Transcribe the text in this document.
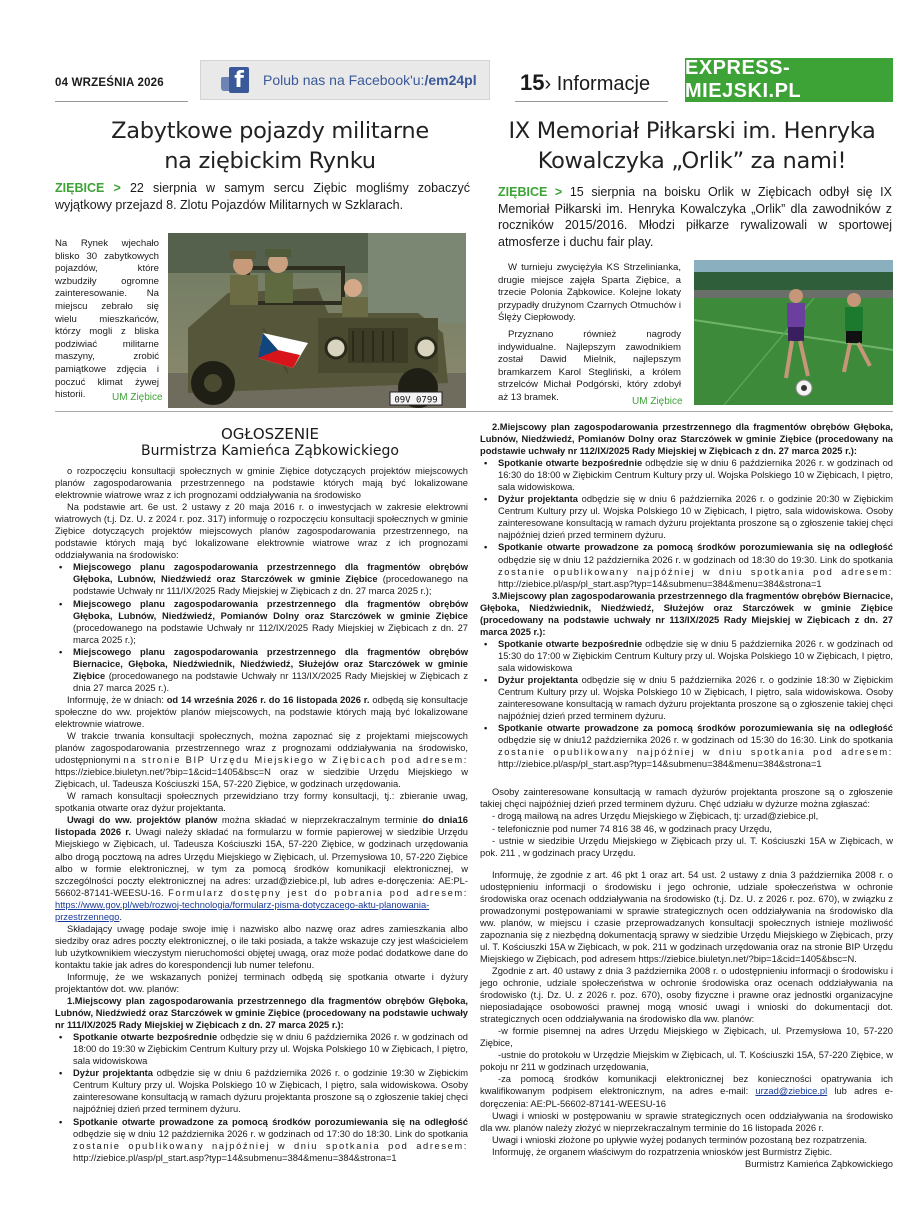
04 WRZEŚNIA 2026	f	Polub nas na Facebook'u: /em24pl 15› Informacje
EXPRESS-MIEJSKI.PL
Zabytkowe pojazdy militarne
na ziębickim Rynku
ZIĘBICE > 22 sierpnia w samym sercu Ziębic mogliśmy zobaczyć wyjątkowy przejazd 8. Zlotu Pojazdów Militarnych w Szklarach.
Na Rynek wjechało blisko 30 zabytkowych pojazdów, które wzbudziły ogromne zainteresowanie. Na miejscu zebrało się wielu mieszkańców, którzy mogli z bliska podziwiać militarne maszyny, zrobić pamiątkowe zdjęcia i poczuć klimat żywej historii.	UM Ziębice	09V 0799
IX Memoriał Piłkarski im. Henryka
Kowalczyka „Orlik” za nami!
ZIĘBICE > 15 sierpnia na boisku Orlik w Ziębicach odbył się IX Memoriał Piłkarski im. Henryka Kowalczyka „Orlik” dla zawodników z roczników 2015/2016. Młodzi piłkarze rywalizowali w sportowej atmosferze i duchu fair play.
W turnieju zwyciężyła KS Strzelinianka, drugie miejsce zajęła Sparta Ziębice, a trzecie Polonia Ząbkowice. Kolejne lokaty przypadły drużynom Czarnych Otmuchów i Ślęży Ciepłowody.
Przyznano również nagrody indywidualne. Najlepszym zawodnikiem został Dawid Mielnik, najlepszym bramkarzem Karol Stegliński, a królem strzelców Michał Podgórski, który zdobył aż 13 bramek.	UM Ziębice
OGŁOSZENIE
Burmistrza Kamieńca Ząbkowickiego

o rozpoczęciu konsultacji społecznych w gminie Ziębice dotyczących projektów miejscowych planów zagospodarowania przestrzennego na podstawie których mają być lokalizowane elektrownie wiatrowe wraz z ich prognozami oddziaływania na środowisko

Na podstawie art. 6e ust. 2 ustawy z 20 maja 2016 r. o inwestycjach w zakresie elektrowni wiatrowych (t.j. Dz. U. z 2024 r. poz. 317) informuję o rozpoczęciu konsultacji społecznych w gminie Ziębice dotyczących projektów miejscowych planów zagospodarowania przestrzennego, na podstawie których mają być lokalizowane elektrownie wiatrowe wraz z ich prognozami oddziaływania na środowisko:

• Miejscowego planu zagospodarowania przestrzennego dla fragmentów obrębów Głęboka, Lubnów, Niedźwiedź oraz Starczówek w gminie Ziębice (procedowanego na podstawie Uchwały nr 111/IX/2025 Rady Miejskiej w Ziębicach z dn. 27 marca 2025 r.);
• Miejscowego planu zagospodarowania przestrzennego dla fragmentów obrębów Głęboka, Lubnów, Niedźwiedź, Pomianów Dolny oraz Starczówek w gminie Ziębice (procedowanego na podstawie Uchwały nr 112/IX/2025 Rady Miejskiej w Ziębicach z dn. 27 marca 2025 r.);
• Miejscowego planu zagospodarowania przestrzennego dla fragmentów obrębów Biernacice, Głęboka, Niedźwiednik, Niedźwiedź, Służejów oraz Starczówek w gminie Ziębice (procedowanego na podstawie Uchwały nr 113/IX/2025 Rady Miejskiej w Ziębicach z dnia 27 marca 2025 r.).

Informuję, że w dniach: od 14 września 2026 r. do 16 listopada 2026 r. odbędą się konsultacje społeczne do ww. projektów planów miejscowych, na podstawie których mają być lokalizowane elektrownie wiatrowe.

W trakcie trwania konsultacji społecznych, można zapoznać się z projektami miejscowych planów zagospodarowania przestrzennego wraz z prognozami oddziaływania na środowisko, udostępnionymi na stronie BIP Urzędu Miejskiego w Ziębicach pod adresem: https://ziebice.biuletyn.net/?bip=1&cid=1405&bsc=N oraz w siedzibie Urzędu Miejskiego w Ziębicach, ul. Tadeusza Kościuszki 15A, 57-220 Ziębice, w godzinach urzędowania.

W ramach konsultacji społecznych przewidziano trzy formy konsultacji, tj.: zbieranie uwag, spotkania otwarte oraz dyżur projektanta.

Uwagi do ww. projektów planów można składać w nieprzekraczalnym terminie do dnia16 listopada 2026 r. Uwagi należy składać na formularzu w formie papierowej w siedzibie Urzędu Miejskiego w Ziębicach, ul. Tadeusza Kościuszki 15A, 57-220 Ziębice, w godzinach urzędowania albo drogą pocztową na adres Urzędu Miejskiego w Ziębicach, ul. Przemysłowa 10, 57-220 Ziębice albo w formie elektronicznej, w tym za pomocą środków komunikacji elektronicznej, w szczególności poczty elektronicznej na adres: urzad@ziebice.pl, lub adres e-doręczenia: AE:PL-56602-87141-WEESU-16. Formularz dostępny jest do pobrania pod adresem: https://www.gov.pl/web/rozwoj-technologia/formularz-pisma-dotyczacego-aktu-planowania-przestrzennego.

Składający uwagę podaje swoje imię i nazwisko albo nazwę oraz adres zamieszkania albo siedziby oraz adres poczty elektronicznej, o ile taki posiada, a także wskazuje czy jest właścicielem lub użytkownikiem wieczystym nieruchomości objętej uwagą, oraz może podać dodatkowe dane do kontaktu takie jak adres do korespondencji lub numer telefonu.

Informuję, że we wskazanych poniżej terminach odbędą się spotkania otwarte i dyżury projektantów dot. ww. planów:

1.Miejscowy plan zagospodarowania przestrzennego dla fragmentów obrębów Głęboka, Lubnów, Niedźwiedź oraz Starczówek w gminie Ziębice (procedowany na podstawie uchwały nr 111/IX/2025 Rady Miejskiej w Ziębicach z dn. 27 marca 2025 r.):

• Spotkanie otwarte bezpośrednie odbędzie się w dniu 6 października 2026 r. w godzinach od 18:00 do 19:30 w Ziębickim Centrum Kultury przy ul. Wojska Polskiego 10 w Ziębicach, I piętro, sala widowiskowa
• Dyżur projektanta odbędzie się w dniu 6 października 2026 r. o godzinie 19:30 w Ziębickim Centrum Kultury przy ul. Wojska Polskiego 10 w Ziębicach, I piętro, sala widowiskowa. Osoby zainteresowane konsultacją w ramach dyżuru projektanta proszone są o zgłoszenie takiej chęci najpóźniej dzień przed terminem dyżuru.
• Spotkanie otwarte prowadzone za pomocą środków porozumiewania się na odległość odbędzie się w dniu 12 października 2026 r. w godzinach od 17:30 do 18:30. Link do spotkania zostanie opublikowany najpóźniej w dniu spotkania pod adresem: http://ziebice.pl/asp/pl_start.asp?typ=14&submenu=384&menu=384&strona=1

2.Miejscowy plan zagospodarowania przestrzennego dla fragmentów obrębów Głęboka, Lubnów, Niedźwiedź, Pomianów Dolny oraz Starczówek w gminie Ziębice (procedowany na podstawie uchwały nr 112/IX/2025 Rady Miejskiej w Ziębicach z dn. 27 marca 2025 r.):

• Spotkanie otwarte bezpośrednie odbędzie się w dniu 6 października 2026 r. w godzinach od 16:30 do 18:00 w Ziębickim Centrum Kultury przy ul. Wojska Polskiego 10 w Ziębicach, I piętro, sala widowiskowa.
• Dyżur projektanta odbędzie się w dniu 6 października 2026 r. o godzinie 20:30 w Ziębickim Centrum Kultury przy ul. Wojska Polskiego 10 w Ziębicach, I piętro, sala widowiskowa. Osoby zainteresowane konsultacją w ramach dyżuru projektanta proszone są o zgłoszenie takiej chęci najpóźniej dzień przed terminem dyżuru.
• Spotkanie otwarte prowadzone za pomocą środków porozumiewania się na odległość odbędzie się w dniu 12 października 2026 r. w godzinach od 18:30 do 19:30. Link do spotkania zostanie opublikowany najpóźniej w dniu spotkania pod adresem: http://ziebice.pl/asp/pl_start.asp?typ=14&submenu=384&menu=384&strona=1

3.Miejscowy plan zagospodarowania przestrzennego dla fragmentów obrębów Biernacice, Głęboka, Niedźwiednik, Niedźwiedź, Służejów oraz Starczówek w gminie Ziębice (procedowany na podstawie uchwały nr 113/IX/2025 Rady Miejskiej w Ziębicach z dn. 27 marca 2025 r.):

• Spotkanie otwarte bezpośrednie odbędzie się w dniu 5 października 2026 r. w godzinach od 15:30 do 17:00 w Ziębickim Centrum Kultury przy ul. Wojska Polskiego 10 w Ziębicach, I piętro, sala widowiskowa
• Dyżur projektanta odbędzie się w dniu 5 października 2026 r. o godzinie 18:30 w Ziębickim Centrum Kultury przy ul. Wojska Polskiego 10 w Ziębicach, I piętro, sala widowiskowa. Osoby zainteresowane konsultacją w ramach dyżuru projektanta proszone są o zgłoszenie takiej chęci najpóźniej dzień przed terminem dyżuru.
• Spotkanie otwarte prowadzone za pomocą środków porozumiewania się na odległość odbędzie się w dniu12 października 2026 r. w godzinach od 15:30 do 16:30. Link do spotkania zostanie opublikowany najpóźniej w dniu spotkania pod adresem: http://ziebice.pl/asp/pl_start.asp?typ=14&submenu=384&menu=384&strona=1

Osoby zainteresowane konsultacją w ramach dyżurów projektanta proszone są o zgłoszenie takiej chęci najpóźniej dzień przed terminem dyżuru. Chęć udziału w dyżurze można zgłaszać:

- drogą mailową na adres Urzędu Miejskiego w Ziębicach, tj: urzad@ziebice.pl,

- telefonicznie pod numer 74 816 38 46, w godzinach pracy Urzędu,

- ustnie w siedzibie Urzędu Miejskiego w Ziębicach przy ul. T. Kościuszki 15A w Ziębicach, w pok. 211 , w godzinach pracy Urzędu.

Informuję, że zgodnie z art. 46 pkt 1 oraz art. 54 ust. 2 ustawy z dnia 3 października 2008 r. o udostępnieniu informacji o środowisku i jego ochronie, udziale społeczeństwa w ochronie środowiska oraz ocenach oddziaływania na środowisko (t.j. Dz. U. z 2026 r. poz. 670), w związku z prowadzonymi postępowaniami w sprawie strategicznych ocen oddziaływania na środowisko dla ww. planów, w miejscu i czasie przeprowadzanych konsultacji społecznych istnieje możliwość zapoznania się z niezbędną dokumentacją sprawy w siedzibie Urzędu Miejskiego w Ziębicach, przy ul. T. Kościuszki 15A w Ziębicach, w pok. 211 w godzinach urzędowania oraz na stronie BIP Urzędu Miejskiego w Ziębicach, pod adresem https://ziebice.biuletyn.net/?bip=1&cid=1405&bsc=N.

Zgodnie z art. 40 ustawy z dnia 3 października 2008 r. o udostępnieniu informacji o środowisku i jego ochronie, udziale społeczeństwa w ochronie środowiska oraz ocenach oddziaływania na środowisko (t.j. Dz. U. z 2026 r. poz. 670), osoby fizyczne i prawne oraz jednostki organizacyjne nieposiadające osobowości prawnej mogą wnosić uwagi i wnioski do dokumentacji dot. strategicznych ocen oddziaływania na środowisko dla ww. planów:

-w formie pisemnej na adres Urzędu Miejskiego w Ziębicach, ul. Przemysłowa 10, 57-220 Ziębice,

-ustnie do protokołu w Urzędzie Miejskim w Ziębicach, ul. T. Kościuszki 15A, 57-220 Ziębice, w pokoju nr 211 w godzinach urzędowania,

-za pomocą środków komunikacji elektronicznej bez konieczności opatrywania ich kwalifikowanym podpisem elektronicznym, na adres e-mail: urzad@ziebice.pl lub adres e-doręczenia: AE:PL-56602-87141-WEESU-16

Uwagi i wnioski w postępowaniu w sprawie strategicznych ocen oddziaływania na środowisko dla ww. planów należy złożyć w nieprzekraczalnym terminie do 16 listopada 2026 r.

Uwagi i wnioski złożone po upływie wyżej podanych terminów pozostaną bez rozpatrzenia.

Informuję, że organem właściwym do rozpatrzenia wniosków jest Burmistrz Ziębic.

Burmistrz Kamieńca Ząbkowickiego
